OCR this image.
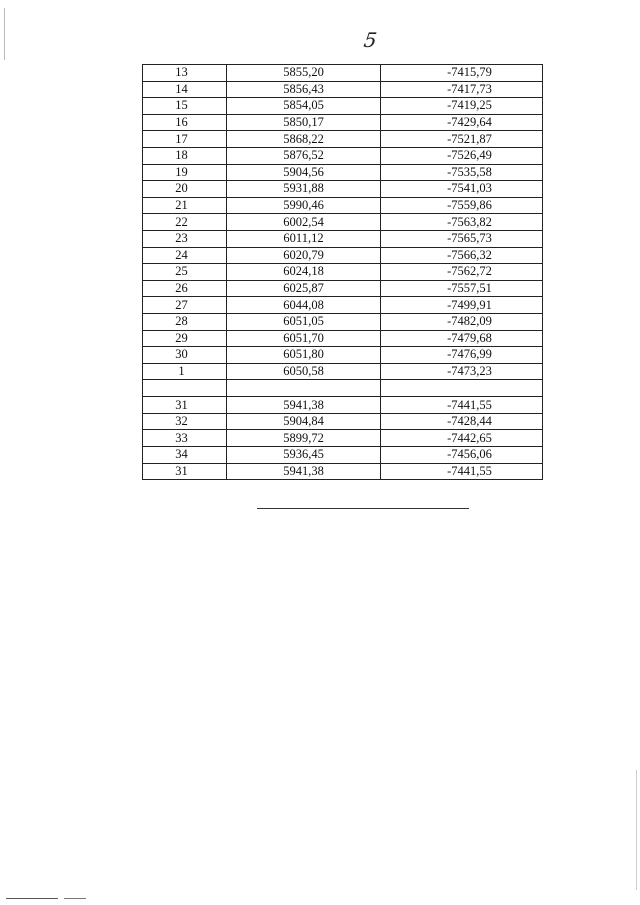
5
13	5855,20	-7415,79
14	5856,43	-7417,73
15	5854,05	-7419,25
16	5850,17	-7429,64
17	5868,22	-7521,87
18	5876,52	-7526,49
19	5904,56	-7535,58
20	5931,88	-7541,03
21	5990,46	-7559,86
22	6002,54	-7563,82
23	6011,12	-7565,73
24	6020,79	-7566,32
25	6024,18	-7562,72
26	6025,87	-7557,51
27	6044,08	-7499,91
28	6051,05	-7482,09
29	6051,70	-7479,68
30	6051,80	-7476,99
1	6050,58	-7473,23

31	5941,38	-7441,55
32	5904,84	-7428,44
33	5899,72	-7442,65
34	5936,45	-7456,06
31	5941,38	-7441,55
